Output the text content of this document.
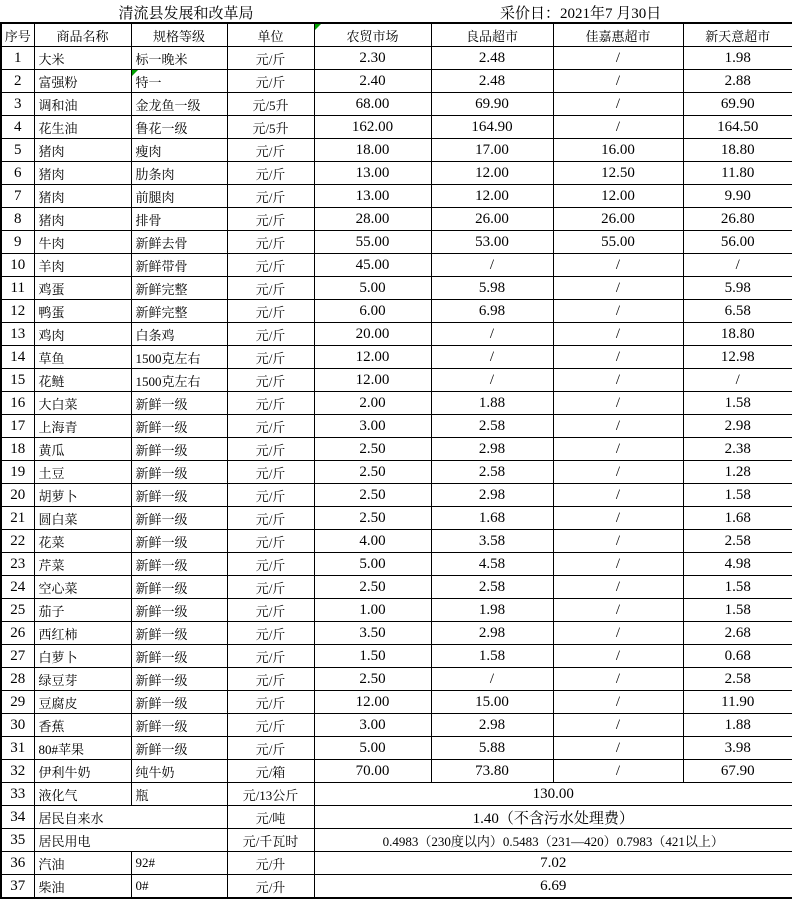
清流县发展和改革局	采价日：2021年7 月30日
序号	商品名称	规格等级	单位	农贸市场	良品超市	佳嘉惠超市	新天意超市
1	大米	标一晚米	元/斤	2.30	2.48	/	1.98
2	富强粉	特一	元/斤	2.40	2.48	/	2.88
3	调和油	金龙鱼一级	元/5升	68.00	69.90	/	69.90
4	花生油	鲁花一级	元/5升	162.00	164.90	/	164.50
5	猪肉	瘦肉	元/斤	18.00	17.00	16.00	18.80
6	猪肉	肋条肉	元/斤	13.00	12.00	12.50	11.80
7	猪肉	前腿肉	元/斤	13.00	12.00	12.00	9.90
8	猪肉	排骨	元/斤	28.00	26.00	26.00	26.80
9	牛肉	新鲜去骨	元/斤	55.00	53.00	55.00	56.00
10	羊肉	新鲜带骨	元/斤	45.00	/	/	/
11	鸡蛋	新鲜完整	元/斤	5.00	5.98	/	5.98
12	鸭蛋	新鲜完整	元/斤	6.00	6.98	/	6.58
13	鸡肉	白条鸡	元/斤	20.00	/	/	18.80
14	草鱼	1500克左右	元/斤	12.00	/	/	12.98
15	花鲢	1500克左右	元/斤	12.00	/	/	/
16	大白菜	新鲜一级	元/斤	2.00	1.88	/	1.58
17	上海青	新鲜一级	元/斤	3.00	2.58	/	2.98
18	黄瓜	新鲜一级	元/斤	2.50	2.98	/	2.38
19	土豆	新鲜一级	元/斤	2.50	2.58	/	1.28
20	胡萝卜	新鲜一级	元/斤	2.50	2.98	/	1.58
21	圆白菜	新鲜一级	元/斤	2.50	1.68	/	1.68
22	花菜	新鲜一级	元/斤	4.00	3.58	/	2.58
23	芹菜	新鲜一级	元/斤	5.00	4.58	/	4.98
24	空心菜	新鲜一级	元/斤	2.50	2.58	/	1.58
25	茄子	新鲜一级	元/斤	1.00	1.98	/	1.58
26	西红柿	新鲜一级	元/斤	3.50	2.98	/	2.68
27	白萝卜	新鲜一级	元/斤	1.50	1.58	/	0.68
28	绿豆芽	新鲜一级	元/斤	2.50	/	/	2.58
29	豆腐皮	新鲜一级	元/斤	12.00	15.00	/	11.90
30	香蕉	新鲜一级	元/斤	3.00	2.98	/	1.88
31	80#苹果	新鲜一级	元/斤	5.00	5.88	/	3.98
32	伊利牛奶	纯牛奶	元/箱	70.00	73.80	/	67.90
33	液化气	瓶	元/13公斤	130.00			
34	居民自来水		元/吨	1.40（不含污水处理费）			
35	居民用电		元/千瓦时	0.4983（230度以内）0.5483（231—420）0.7983（421以上）			
36	汽油	92#	元/升	7.02			
37	柴油	0#	元/升	6.69			
